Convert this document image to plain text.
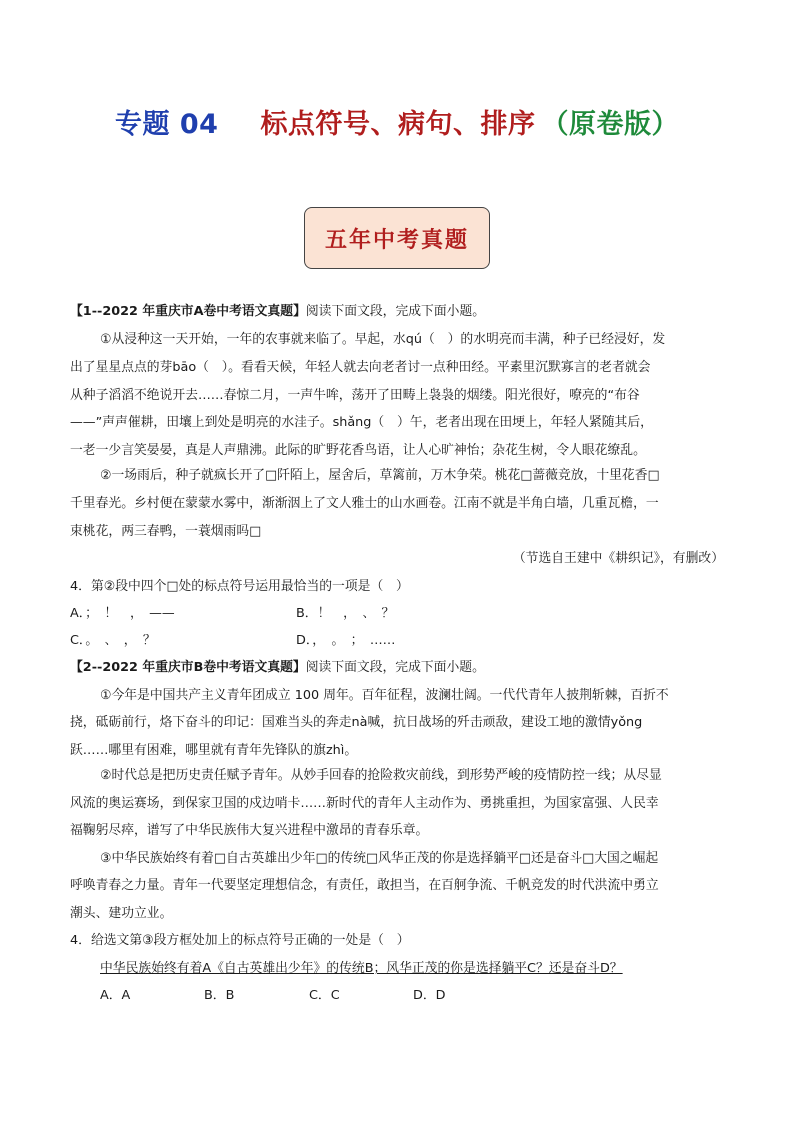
专题 04 标点符号、病句、排序 （原卷版）
五年中考真题
【1--2022 年重庆市A卷中考语文真题】阅读下面文段，完成下面小题。
①从浸种这一天开始，一年的农事就来临了。早起，水qú（　）的水明亮而丰满，种子已经浸好，发
出了星星点点的芽bāo（　）。看看天候，年轻人就去向老者讨一点种田经。平素里沉默寡言的老者就会
从种子滔滔不绝说开去……春惊二月，一声牛哞，荡开了田畴上袅袅的烟缕。阳光很好，嘹亮的“布谷
——”声声催耕，田壤上到处是明亮的水洼子。shǎng（　）午，老者出现在田埂上，年轻人紧随其后，
一老一少言笑晏晏，真是人声鼎沸。此际的旷野花香鸟语，让人心旷神怡；杂花生树，令人眼花缭乱。
②一场雨后，种子就疯长开了□阡陌上，屋舍后，草篱前，万木争荣。桃花□蔷薇竞放，十里花香□
千里春光。乡村便在蒙蒙水雾中，渐渐洇上了文人雅士的山水画卷。江南不就是半角白墙，几重瓦檐，一
束桃花，两三春鸭，一蓑烟雨吗□
（节选自王建中《耕织记》，有删改）
4．第②段中四个□处的标点符号运用最恰当的一项是（　）
A．；　！　，　——	B．！　，　、　？
C．。　、　，　？	D．，　。　；　……
【2--2022 年重庆市B卷中考语文真题】阅读下面文段，完成下面小题。
①今年是中国共产主义青年团成立 100 周年。百年征程，波澜壮阔。一代代青年人披荆斩棘，百折不
挠，砥砺前行，烙下奋斗的印记：国难当头的奔走nà喊，抗日战场的歼击顽敌，建设工地的激情yǒng
跃……哪里有困难，哪里就有青年先锋队的旗zhì。
②时代总是把历史责任赋予青年。从妙手回春的抢险救灾前线，到形势严峻的疫情防控一线；从尽显
风流的奥运赛场，到保家卫国的戍边哨卡……新时代的青年人主动作为、勇挑重担，为国家富强、人民幸
福鞠躬尽瘁，谱写了中华民族伟大复兴进程中激昂的青春乐章。
③中华民族始终有着□自古英雄出少年□的传统□风华正茂的你是选择躺平□还是奋斗□大国之崛起
呼唤青春之力量。青年一代要坚定理想信念，有责任，敢担当，在百舸争流、千帆竞发的时代洪流中勇立
潮头、建功立业。
4．给选文第③段方框处加上的标点符号正确的一处是（　）
中华民族始终有着A《自古英雄出少年》的传统B；风华正茂的你是选择躺平C？还是奋斗D？
A．A	B．B	C．C	D．D
